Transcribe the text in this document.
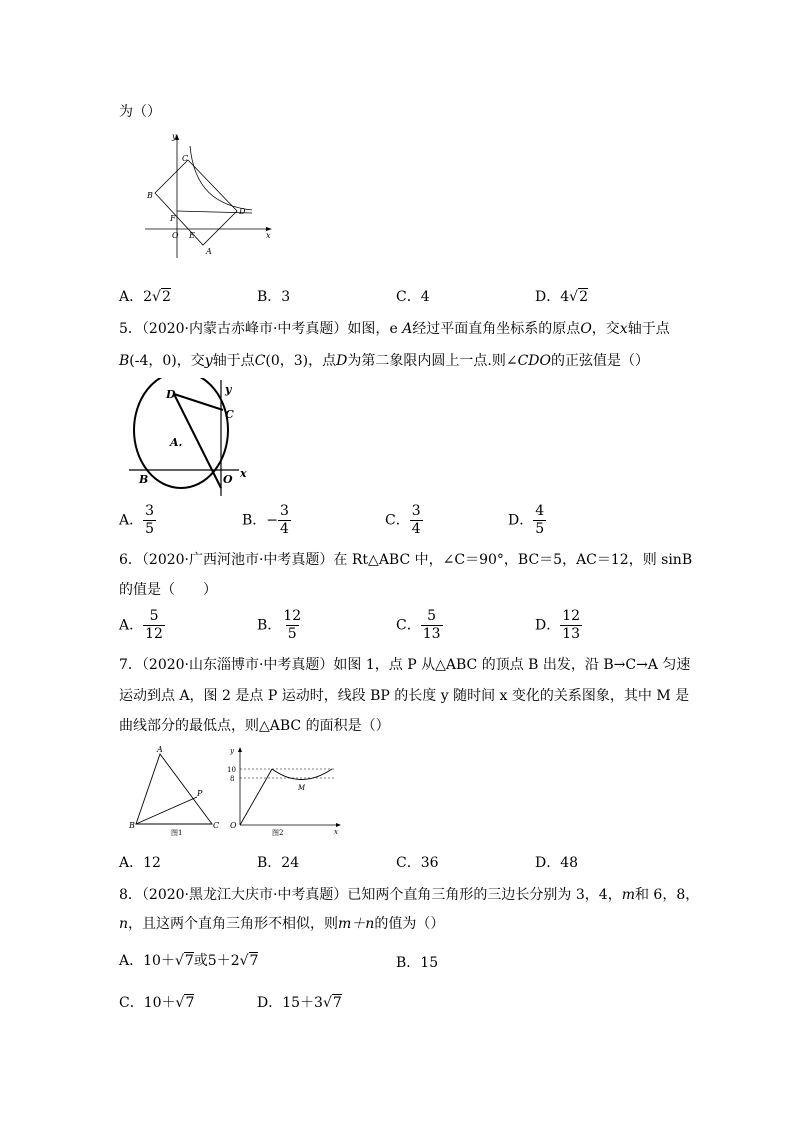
为（）
y
C
B
F
D
O E
A
x
A．2√2	B．3	C．4	D．4√2
5．（2020·内蒙古赤峰市·中考真题）如图，e A经过平面直角坐标系的原点O，交x轴于点
B(-4，0)，交y轴于点C(0，3)，点D为第二象限内圆上一点.则∠CDO的正弦值是（）
D	y
C
A.
B	O x
A． $\frac{3}{5}$	B．− $\frac{3}{4}$	C． $\frac{3}{4}$	D． $\frac{4}{5}$
6．（2020·广西河池市·中考真题）在 Rt△ABC 中，∠C＝90°，BC＝5，AC＝12，则 sinB
的值是（　　）
A． $\frac{5}{12}$	B． $\frac{12}{5}$	C． $\frac{5}{13}$	D． $\frac{12}{13}$
7．（2020·山东淄博市·中考真题）如图 1，点 P 从△ABC 的顶点 B 出发，沿 B→C→A 匀速
运动到点 A，图 2 是点 P 运动时，线段 BP 的长度 y 随时间 x 变化的关系图象，其中 M 是
曲线部分的最低点，则△ABC 的面积是（）
A
P
B	C
图1
y
10
8
M
O
x
图2
A．12	B．24	C．36	D．48
8．（2020·黑龙江大庆市·中考真题）已知两个直角三角形的三边长分别为 3，4，m和 6，8，
n，且这两个直角三角形不相似，则m＋n的值为（）
A．10＋√7或5＋2√7	B．15
C．10＋√7	D．15＋3√7
